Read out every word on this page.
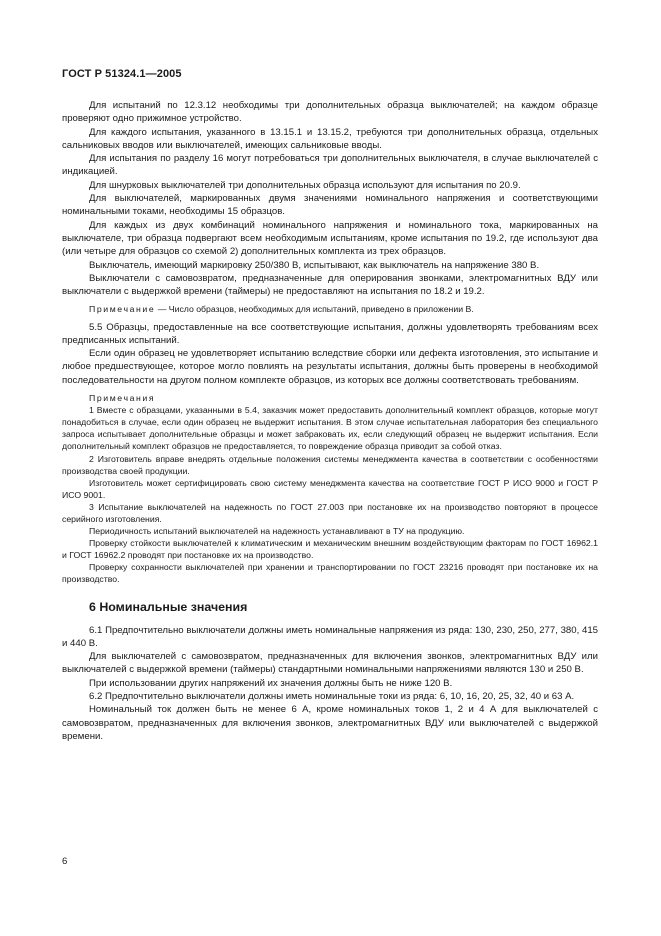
ГОСТ Р 51324.1—2005

Для испытаний по 12.3.12 необходимы три дополнительных образца выключателей; на каждом образце проверяют одно прижимное устройство.

Для каждого испытания, указанного в 13.15.1 и 13.15.2, требуются три дополнительных образца, отдельных сальниковых вводов или выключателей, имеющих сальниковые вводы.

Для испытания по разделу 16 могут потребоваться три дополнительных выключателя, в случае выключателей с индикацией.

Для шнурковых выключателей три дополнительных образца используют для испытания по 20.9.

Для выключателей, маркированных двумя значениями номинального напряжения и соответствующими номинальными токами, необходимы 15 образцов.

Для каждых из двух комбинаций номинального напряжения и номинального тока, маркированных на выключателе, три образца подвергают всем необходимым испытаниям, кроме испытания по 19.2, где используют два (или четыре для образцов со схемой 2) дополнительных комплекта из трех образцов.

Выключатель, имеющий маркировку 250/380 В, испытывают, как выключатель на напряжение 380 В.

Выключатели с самовозвратом, предназначенные для оперирования звонками, электромагнитных ВДУ или выключатели с выдержкой времени (таймеры) не предоставляют на испытания по 18.2 и 19.2.

Примечание — Число образцов, необходимых для испытаний, приведено в приложении В.

5.5 Образцы, предоставленные на все соответствующие испытания, должны удовлетворять требованиям всех предписанных испытаний.

Если один образец не удовлетворяет испытанию вследствие сборки или дефекта изготовления, это испытание и любое предшествующее, которое могло повлиять на результаты испытания, должны быть проверены в необходимой последовательности на другом полном комплекте образцов, из которых все должны соответствовать требованиям.

Примечания

1 Вместе с образцами, указанными в 5.4, заказчик может предоставить дополнительный комплект образцов, которые могут понадобиться в случае, если один образец не выдержит испытания. В этом случае испытательная лаборатория без специального запроса испытывает дополнительные образцы и может забраковать их, если следующий образец не выдержит испытания. Если дополнительный комплект образцов не предоставляется, то повреждение образца приводит за собой отказ.

2 Изготовитель вправе внедрять отдельные положения системы менеджмента качества в соответствии с особенностями производства своей продукции.

Изготовитель может сертифицировать свою систему менеджмента качества на соответствие ГОСТ Р ИСО 9000 и ГОСТ Р ИСО 9001.

3 Испытание выключателей на надежность по ГОСТ 27.003 при постановке их на производство повторяют в процессе серийного изготовления.

Периодичность испытаний выключателей на надежность устанавливают в ТУ на продукцию.

Проверку стойкости выключателей к климатическим и механическим внешним воздействующим факторам по ГОСТ 16962.1 и ГОСТ 16962.2 проводят при постановке их на производство.

Проверку сохранности выключателей при хранении и транспортировании по ГОСТ 23216 проводят при постановке их на производство.

6 Номинальные значения

6.1 Предпочтительно выключатели должны иметь номинальные напряжения из ряда: 130, 230, 250, 277, 380, 415 и 440 В.

Для выключателей с самовозвратом, предназначенных для включения звонков, электромагнитных ВДУ или выключателей с выдержкой времени (таймеры) стандартными номинальными напряжениями являются 130 и 250 В.

При использовании других напряжений их значения должны быть не ниже 120 В.

6.2 Предпочтительно выключатели должны иметь номинальные токи из ряда: 6, 10, 16, 20, 25, 32, 40 и 63 А.

Номинальный ток должен быть не менее 6 А, кроме номинальных токов 1, 2 и 4 А для выключателей с самовозвратом, предназначенных для включения звонков, электромагнитных ВДУ или выключателей с выдержкой времени.

6
